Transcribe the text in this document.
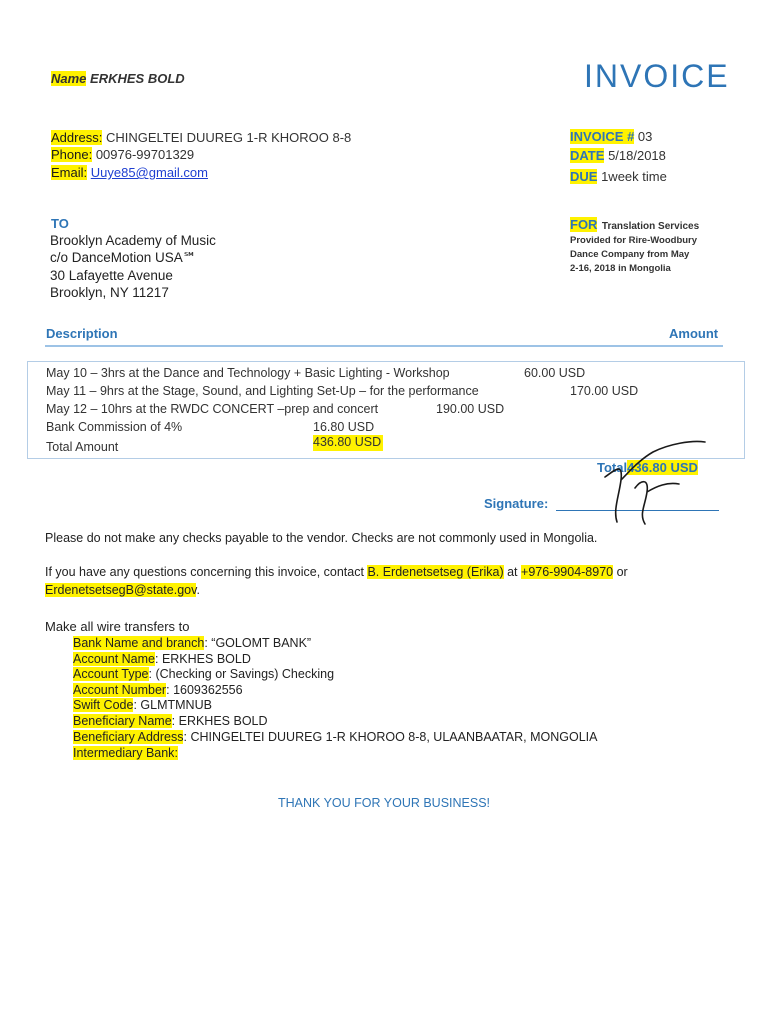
INVOICE
Name ERKHES BOLD
Address: CHINGELTEI DUUREG 1-R KHOROO 8-8
Phone: 00976-99701329
Email: Uuye85@gmail.com
INVOICE # 03
DATE 5/18/2018
DUE 1week time
TO
Brooklyn Academy of Music
c/o DanceMotion USA℠
30 Lafayette Avenue
Brooklyn, NY 11217
FOR Translation Services
Provided for Rire-Woodbury
Dance Company from May
2-16, 2018 in Mongolia
Description	Amount
May 10 – 3hrs at the Dance and Technology + Basic Lighting - Workshop	60.00 USD
May 11 – 9hrs at the Stage, Sound, and Lighting Set-Up – for the performance	170.00 USD
May 12 – 10hrs at the RWDC CONCERT –prep and concert	190.00 USD
Bank Commission of 4%	16.80 USD
Total Amount	436.80 USD
Total436.80 USD
Signature:
Please do not make any checks payable to the vendor. Checks are not commonly used in Mongolia.
If you have any questions concerning this invoice, contact B. Erdenetsetseg (Erika) at +976-9904-8970 or
ErdenetsetsegB@state.gov.
Make all wire transfers to
Bank Name and branch: “GOLOMT BANK”
Account Name: ERKHES BOLD
Account Type: (Checking or Savings) Checking
Account Number: 1609362556
Swift Code: GLMTMNUB
Beneficiary Name: ERKHES BOLD
Beneficiary Address: CHINGELTEI DUUREG 1-R KHOROO 8-8, ULAANBAATAR, MONGOLIA
Intermediary Bank:
THANK YOU FOR YOUR BUSINESS!
